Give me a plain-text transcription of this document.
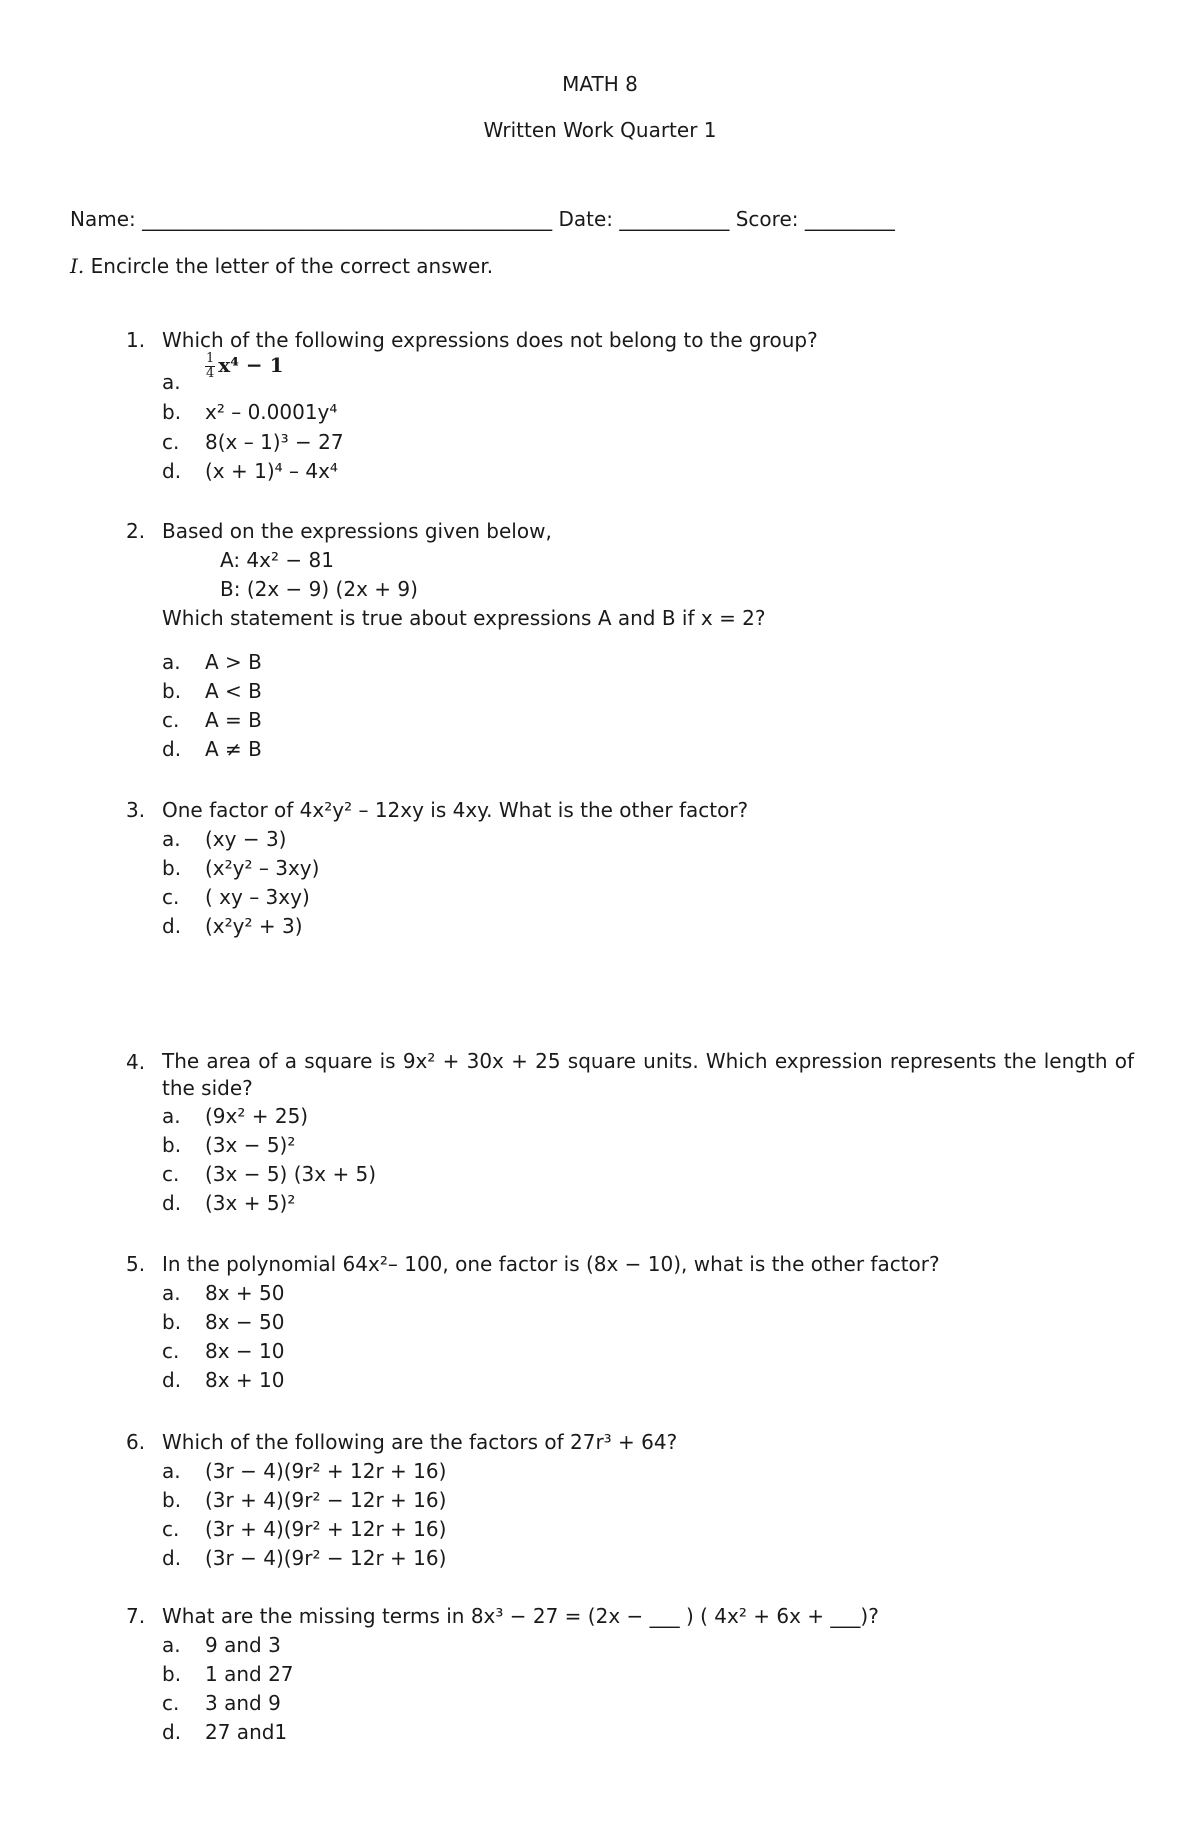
MATH 8
Written Work Quarter 1
Name: _________________________________________ Date: ___________ Score: _________
I. Encircle the letter of the correct answer.
1. Which of the following expressions does not belong to the group?
a.
$\frac{1}{4} x^4 - 1$
b. x² – 0.0001y⁴
c. 8(x – 1)³ − 27
d. (x + 1)⁴ – 4x⁴
2. Based on the expressions given below,
A: 4x² − 81
B: (2x − 9) (2x + 9)
Which statement is true about expressions A and B if x = 2?
a. A > B
b. A < B
c. A = B
d. A ≠ B
3. One factor of 4x²y² – 12xy is 4xy. What is the other factor?
a. (xy − 3)
b. (x²y² – 3xy)
c. ( xy – 3xy)
d. (x²y² + 3)
4. The area of a square is 9x² + 30x + 25 square units. Which expression represents the length of the side?
a. (9x² + 25)
b. (3x − 5)²
c. (3x − 5) (3x + 5)
d. (3x + 5)²
5. In the polynomial 64x²– 100, one factor is (8x − 10), what is the other factor?
a. 8x + 50
b. 8x − 50
c. 8x − 10
d. 8x + 10
6. Which of the following are the factors of 27r³ + 64?
a. (3r − 4)(9r² + 12r + 16)
b. (3r + 4)(9r² − 12r + 16)
c. (3r + 4)(9r² + 12r + 16)
d. (3r − 4)(9r² − 12r + 16)
7. What are the missing terms in 8x³ − 27 = (2x − ___ ) ( 4x² + 6x + ___)?
a. 9 and 3
b. 1 and 27
c. 3 and 9
d. 27 and1
